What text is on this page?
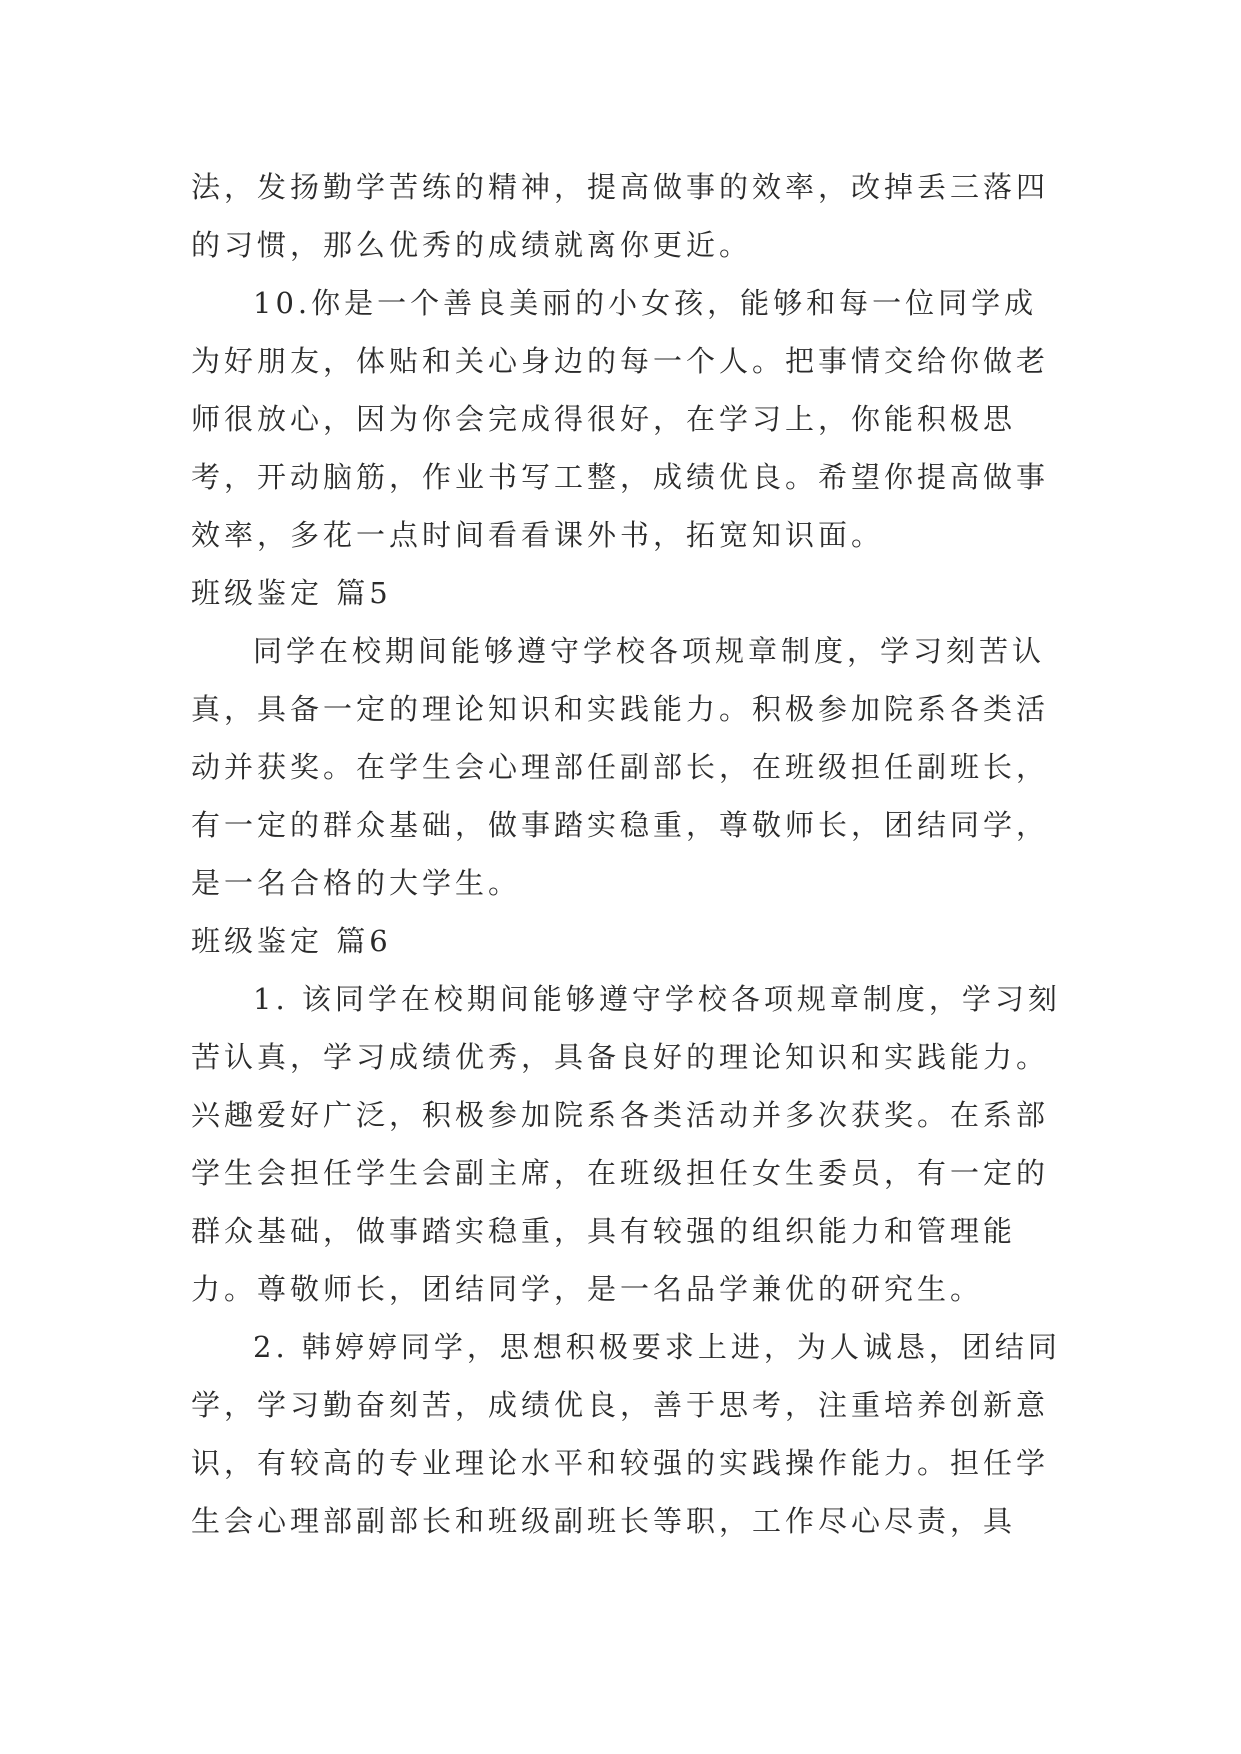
法，发扬勤学苦练的精神，提高做事的效率，改掉丢三落四的习惯，那么优秀的成绩就离你更近。

10.你是一个善良美丽的小女孩，能够和每一位同学成为好朋友，体贴和关心身边的每一个人。把事情交给你做老师很放心，因为你会完成得很好，在学习上，你能积极思考，开动脑筋，作业书写工整，成绩优良。希望你提高做事效率，多花一点时间看看课外书，拓宽知识面。

班级鉴定 篇5

同学在校期间能够遵守学校各项规章制度，学习刻苦认真，具备一定的理论知识和实践能力。积极参加院系各类活动并获奖。在学生会心理部任副部长，在班级担任副班长，有一定的群众基础，做事踏实稳重，尊敬师长，团结同学，是一名合格的大学生。

班级鉴定 篇6

1. 该同学在校期间能够遵守学校各项规章制度，学习刻苦认真，学习成绩优秀，具备良好的理论知识和实践能力。兴趣爱好广泛，积极参加院系各类活动并多次获奖。在系部学生会担任学生会副主席，在班级担任女生委员，有一定的群众基础，做事踏实稳重，具有较强的组织能力和管理能力。尊敬师长，团结同学，是一名品学兼优的研究生。

2. 韩婷婷同学，思想积极要求上进，为人诚恳，团结同学，学习勤奋刻苦，成绩优良，善于思考，注重培养创新意识，有较高的专业理论水平和较强的实践操作能力。担任学生会心理部副部长和班级副班长等职，工作尽心尽责，具
